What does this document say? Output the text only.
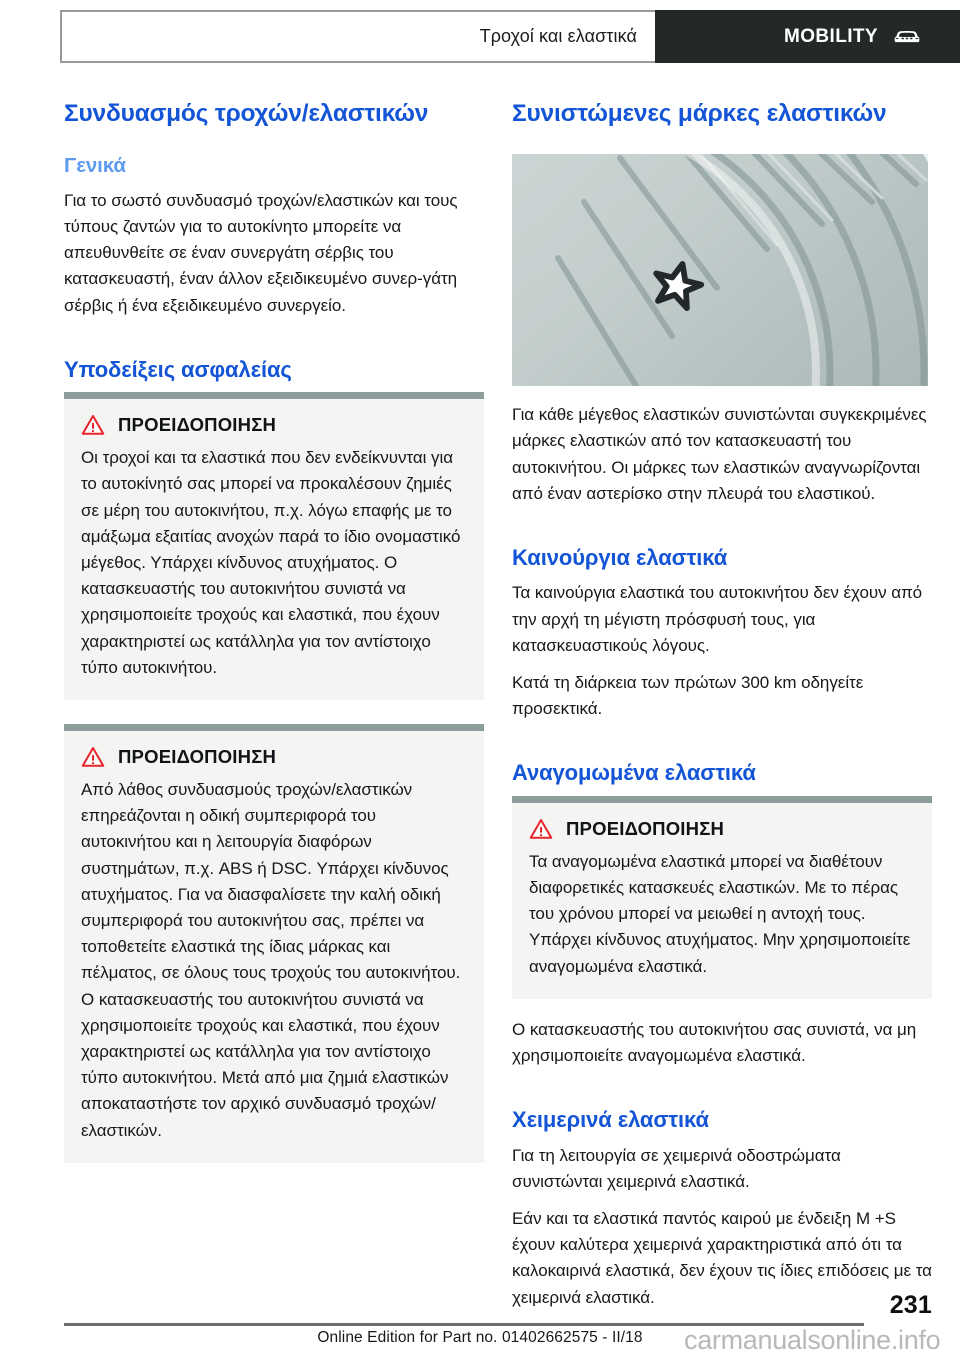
Τροχοί και ελαστικά	MOBILITY
Συνδυασμός τροχών/ελαστικών
Γενικά

Για το σωστό συνδυασμό τροχών/ελαστικών και τους τύπους ζαντών για το αυτοκίνητο μπορείτε να απευθυνθείτε σε έναν συνεργάτη σέρβις του κατασκευαστή, έναν άλλον εξειδικευμένο συνερ-γάτη σέρβις ή ένα εξειδικευμένο συνεργείο.

Υποδείξεις ασφαλείας
ΠΡΟΕΙΔΟΠΟΙΗΣΗ

Οι τροχοί και τα ελαστικά που δεν ενδείκνυνται για το αυτοκίνητό σας μπορεί να προκαλέσουν ζημιές σε μέρη του αυτοκινήτου, π.χ. λόγω επαφής με το αμάξωμα εξαιτίας ανοχών παρά το ίδιο ονομαστικό μέγεθος. Υπάρχει κίνδυνος ατυχήματος. Ο κατασκευαστής του αυτοκινήτου συνιστά να χρησιμοποιείτε τροχούς και ελαστικά, που έχουν χαρακτηριστεί ως κατάλληλα για τον αντίστοιχο τύπο αυτοκινήτου.

ΠΡΟΕΙΔΟΠΟΙΗΣΗ

Από λάθος συνδυασμούς τροχών/ελαστικών επηρεάζονται η οδική συμπεριφορά του αυτοκινήτου και η λειτουργία διαφόρων συστημάτων, π.χ. ABS ή DSC. Υπάρχει κίνδυνος ατυχήματος. Για να διασφαλίσετε την καλή οδική συμπεριφορά του αυτοκινήτου σας, πρέπει να τοποθετείτε ελαστικά της ίδιας μάρκας και πέλματος, σε όλους τους τροχούς του αυτοκινήτου. Ο κατασκευαστής του αυτοκινήτου συνιστά να χρησιμοποιείτε τροχούς και ελαστικά, που έχουν χαρακτηριστεί ως κατάλληλα για τον αντίστοιχο τύπο αυτοκινήτου. Μετά από μια ζημιά ελαστικών αποκαταστήστε τον αρχικό συνδυασμό τροχών/ελαστικών.

Συνιστώμενες μάρκες ελαστικών

Για κάθε μέγεθος ελαστικών συνιστώνται συγκεκριμένες μάρκες ελαστικών από τον κατασκευαστή του αυτοκινήτου. Οι μάρκες των ελαστικών αναγνωρίζονται από έναν αστερίσκο στην πλευρά του ελαστικού.

Καινούργια ελαστικά

Τα καινούργια ελαστικά του αυτοκινήτου δεν έχουν από την αρχή τη μέγιστη πρόσφυσή τους, για κατασκευαστικούς λόγους.

Κατά τη διάρκεια των πρώτων 300 km οδηγείτε προσεκτικά.

Αναγομωμένα ελαστικά
ΠΡΟΕΙΔΟΠΟΙΗΣΗ

Τα αναγομωμένα ελαστικά μπορεί να διαθέτουν διαφορετικές κατασκευές ελαστικών. Με το πέρας του χρόνου μπορεί να μειωθεί η αντοχή τους. Υπάρχει κίνδυνος ατυχήματος. Μην χρησιμοποιείτε αναγομωμένα ελαστικά.

Ο κατασκευαστής του αυτοκινήτου σας συνιστά, να μη χρησιμοποιείτε αναγομωμένα ελαστικά.

Χειμερινά ελαστικά

Για τη λειτουργία σε χειμερινά οδοστρώματα συνιστώνται χειμερινά ελαστικά.

Εάν και τα ελαστικά παντός καιρού με ένδειξη M +S έχουν καλύτερα χειμερινά χαρακτηριστικά από ότι τα καλοκαιρινά ελαστικά, δεν έχουν τις ίδιες επιδόσεις με τα χειμερινά ελαστικά.	231
Online Edition for Part no. 01402662575 - II/18	carmanualsonline.info
